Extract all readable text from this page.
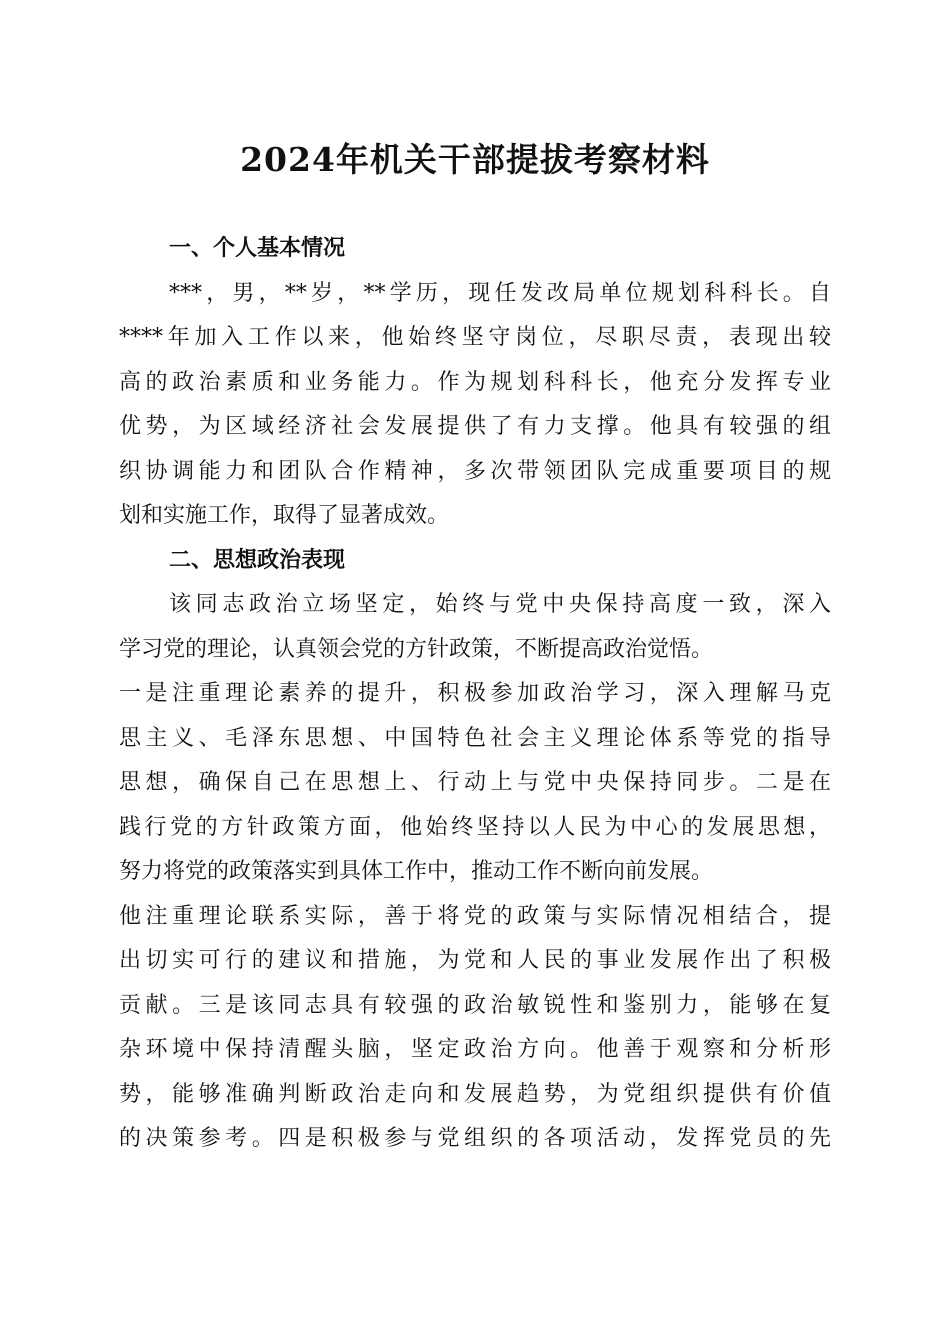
2024年机关干部提拔考察材料
一、个人基本情况
***，男，**岁，**学历，现任发改局单位规划科科长。自
****年加入工作以来，他始终坚守岗位，尽职尽责，表现出较
高的政治素质和业务能力。作为规划科科长，他充分发挥专业
优势，为区域经济社会发展提供了有力支撑。他具有较强的组
织协调能力和团队合作精神，多次带领团队完成重要项目的规
划和实施工作，取得了显著成效。
二、思想政治表现
该同志政治立场坚定，始终与党中央保持高度一致，深入
学习党的理论，认真领会党的方针政策，不断提高政治觉悟。
一是注重理论素养的提升，积极参加政治学习，深入理解马克
思主义、毛泽东思想、中国特色社会主义理论体系等党的指导
思想，确保自己在思想上、行动上与党中央保持同步。二是在
践行党的方针政策方面，他始终坚持以人民为中心的发展思想，
努力将党的政策落实到具体工作中，推动工作不断向前发展。
他注重理论联系实际，善于将党的政策与实际情况相结合，提
出切实可行的建议和措施，为党和人民的事业发展作出了积极
贡献。三是该同志具有较强的政治敏锐性和鉴别力，能够在复
杂环境中保持清醒头脑，坚定政治方向。他善于观察和分析形
势，能够准确判断政治走向和发展趋势，为党组织提供有价值
的决策参考。四是积极参与党组织的各项活动，发挥党员的先
